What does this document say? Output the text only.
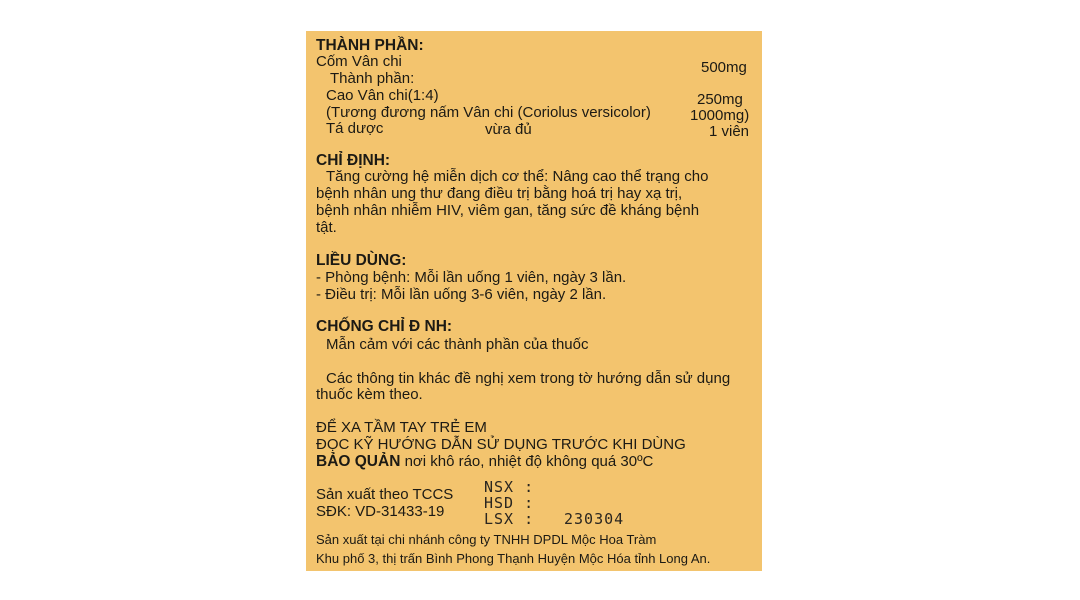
THÀNH PHẦN:
Cốm Vân chi	500mg
Thành phần:
Cao Vân chi(1:4)	250mg
(Tương đương nấm Vân chi (Coriolus versicolor)	1000mg)
Tá dược	vừa đủ	1 viên
CHỈ ĐỊNH:
Tăng cường hệ miễn dịch cơ thể: Nâng cao thể trạng cho
bệnh nhân ung thư đang điều trị bằng hoá trị hay xạ trị,
bệnh nhân nhiễm HIV, viêm gan, tăng sức đề kháng bệnh
tật.
LIỀU DÙNG:
- Phòng bệnh: Mỗi lần uống 1 viên, ngày 3 lần.
- Điều trị: Mỗi lần uống 3-6 viên, ngày 2 lần.
CHỐNG CHỈ Đ NH:
Mẫn cảm với các thành phần của thuốc
Các thông tin khác đề nghị xem trong tờ hướng dẫn sử dụng
thuốc kèm theo.
ĐỂ XA TẦM TAY TRẺ EM
ĐỌC KỸ HƯỚNG DẪN SỬ DỤNG TRƯỚC KHI DÙNG
BẢO QUẢN nơi khô ráo, nhiệt độ không quá 30ºC
Sản xuất theo TCCS
SĐK: VD-31433-19
NSX :
HSD :
LSX : 230304
Sản xuất tại chi nhánh công ty TNHH DPDL Mộc Hoa Tràm
Khu phố 3, thị trấn Bình Phong Thạnh Huyện Mộc Hóa tỉnh Long An.
